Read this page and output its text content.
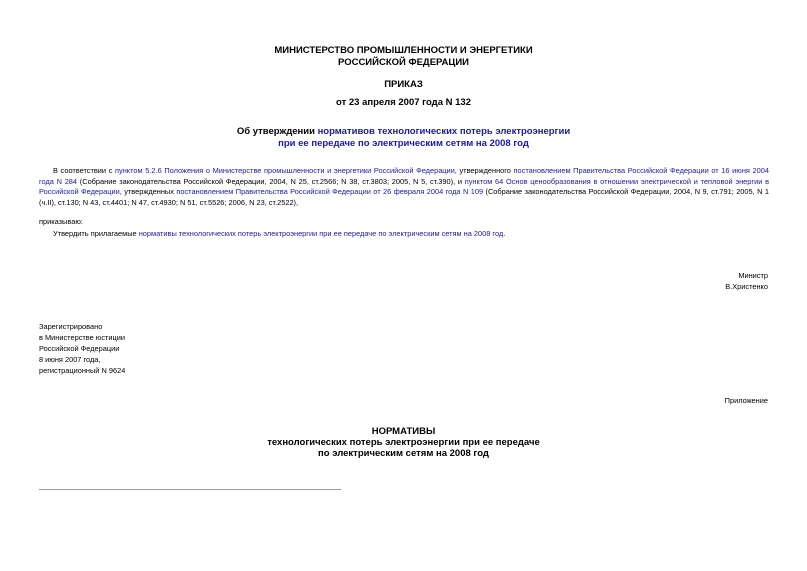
МИНИСТЕРСТВО ПРОМЫШЛЕННОСТИ И ЭНЕРГЕТИКИ
РОССИЙСКОЙ ФЕДЕРАЦИИ
ПРИКАЗ
от 23 апреля 2007 года N 132
Об утверждении нормативов технологических потерь электроэнергии
при ее передаче по электрическим сетям на 2008 год
В соответствии с пунктом 5.2.6 Положения о Министерстве промышленности и энергетики Российской Федерации, утвержденного постановлением Правительства Российской Федерации от 16 июня 2004 года N 284 (Собрание законодательства Российской Федерации, 2004, N 25, ст.2566; N 38, ст.3803; 2005, N 5, ст.390), и пунктом 64 Основ ценообразования в отношении электрической и тепловой энергии в Российской Федерации, утвержденных постановлением Правительства Российской Федерации от 26 февраля 2004 года N 109 (Собрание законодательства Российской Федерации, 2004, N 9, ст.791; 2005, N 1 (ч.II), ст.130; N 43, ст.4401; N 47, ст.4930; N 51, ст.5526; 2006, N 23, ст.2522),
приказываю:
Утвердить прилагаемые нормативы технологических потерь электроэнергии при ее передаче по электрическим сетям на 2008 год.
Министр
В.Христенко
Зарегистрировано
в Министерстве юстиции
Российской Федерации
8 июня 2007 года,
регистрационный N 9624
Приложение
НОРМАТИВЫ
технологических потерь электроэнергии при ее передаче
по электрическим сетям на 2008 год
